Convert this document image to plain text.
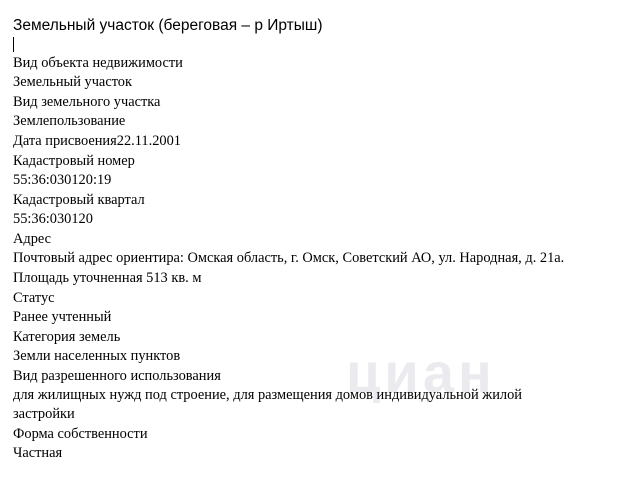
Земельный участок (береговая – р Иртыш)
Вид объекта недвижимости
Земельный участок
Вид земельного участка
Землепользование
Дата присвоения22.11.2001
Кадастровый номер
55:36:030120:19
Кадастровый квартал
55:36:030120
Адрес
Почтовый адрес ориентира: Омская область, г. Омск, Советский АО, ул. Народная, д. 21а.
Площадь уточненная 513 кв. м
Статус
Ранее учтенный
Категория земель
Земли населенных пунктов
Вид разрешенного использования
для жилищных нужд под строение, для размещения домов индивидуальной жилой застройки
Форма собственности
Частная
циан
